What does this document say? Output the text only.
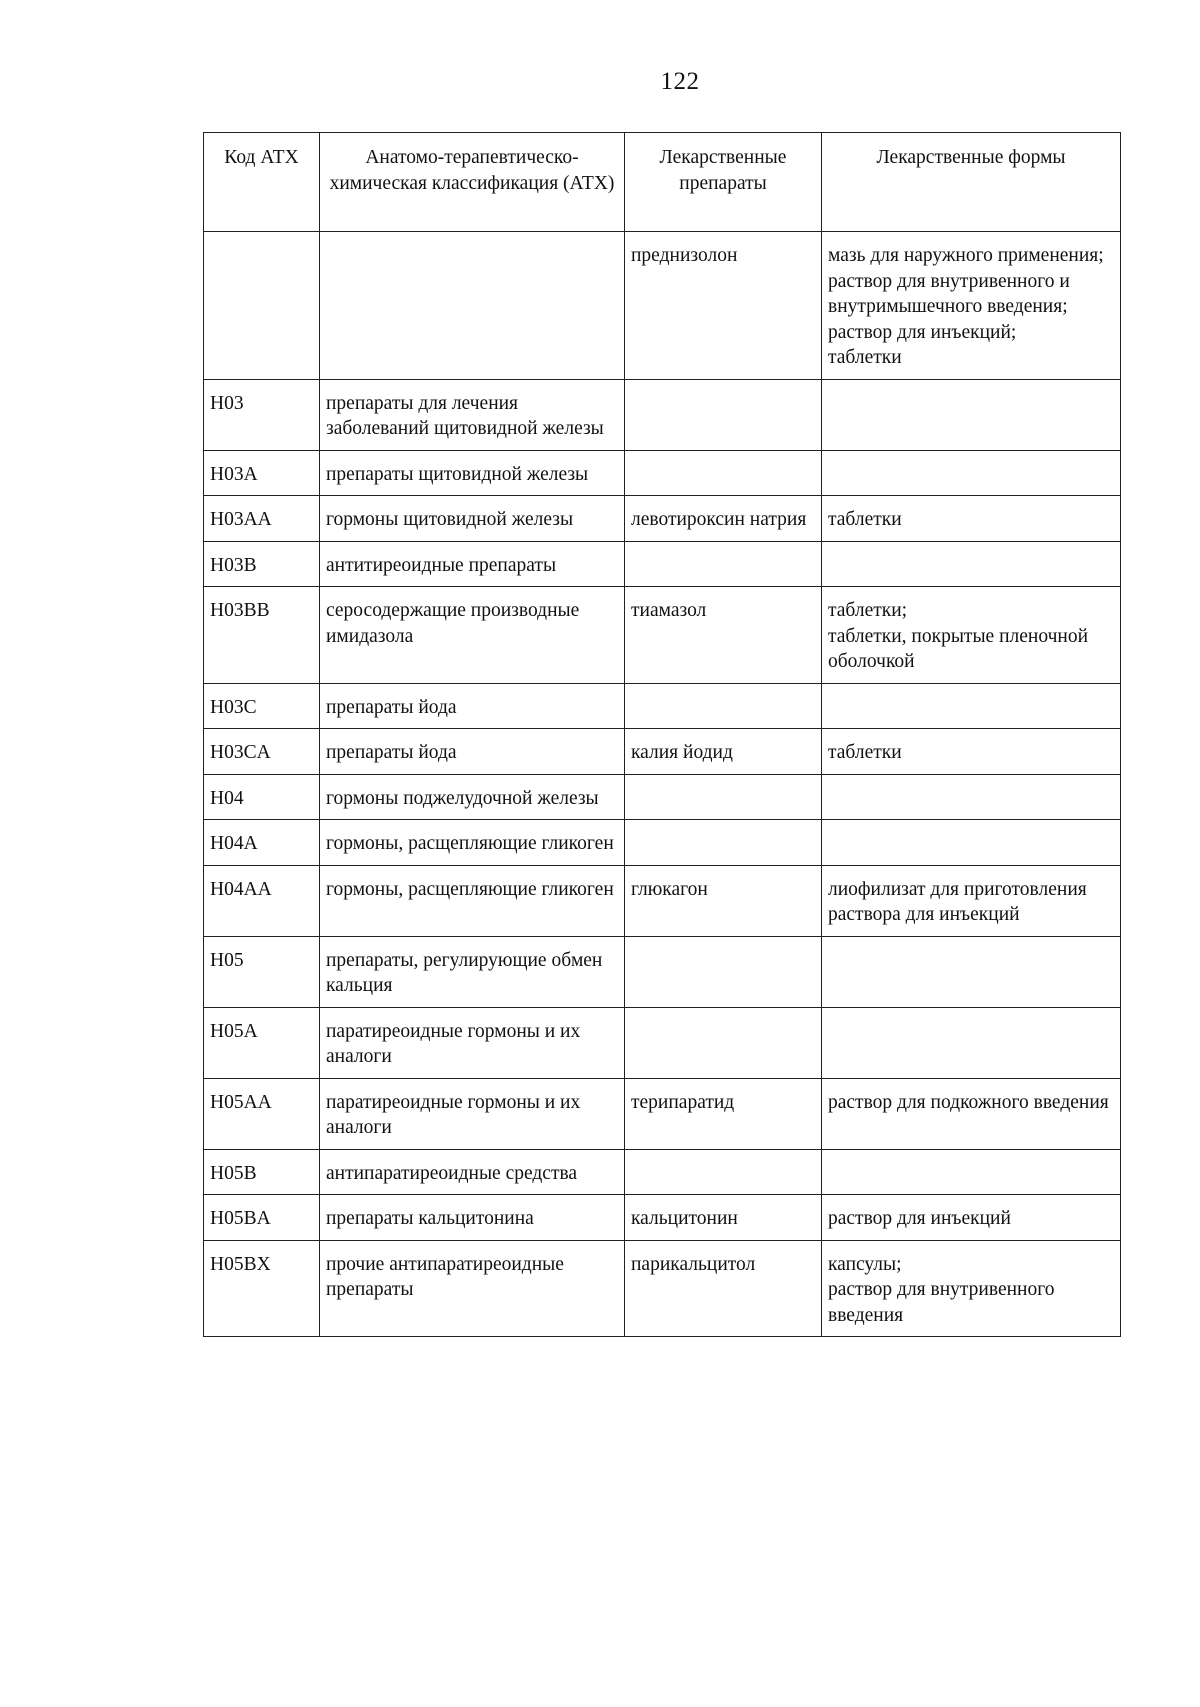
122
Код АТХ	Анатомо-терапевтическо-химическая классификация (АТХ)	Лекарственные препараты	Лекарственные формы
		преднизолон	мазь для наружного применения;
раствор для внутривенного и внутримышечного введения;
раствор для инъекций;
таблетки
H03	препараты для лечения заболеваний щитовидной железы		
H03A	препараты щитовидной железы		
H03AA	гормоны щитовидной железы	левотироксин натрия	таблетки
H03B	антитиреоидные препараты		
H03BB	серосодержащие производные имидазола	тиамазол	таблетки;
таблетки, покрытые пленочной оболочкой
H03C	препараты йода		
H03CA	препараты йода	калия йодид	таблетки
H04	гормоны поджелудочной железы		
H04A	гормоны, расщепляющие гликоген		
H04AA	гормоны, расщепляющие гликоген	глюкагон	лиофилизат для приготовления раствора для инъекций
H05	препараты, регулирующие обмен кальция		
H05A	паратиреоидные гормоны и их аналоги		
H05AA	паратиреоидные гормоны и их аналоги	терипаратид	раствор для подкожного введения
H05B	антипаратиреоидные средства		
H05BA	препараты кальцитонина	кальцитонин	раствор для инъекций
H05BX	прочие антипаратиреоидные препараты	парикальцитол	капсулы;
раствор для внутривенного введения
